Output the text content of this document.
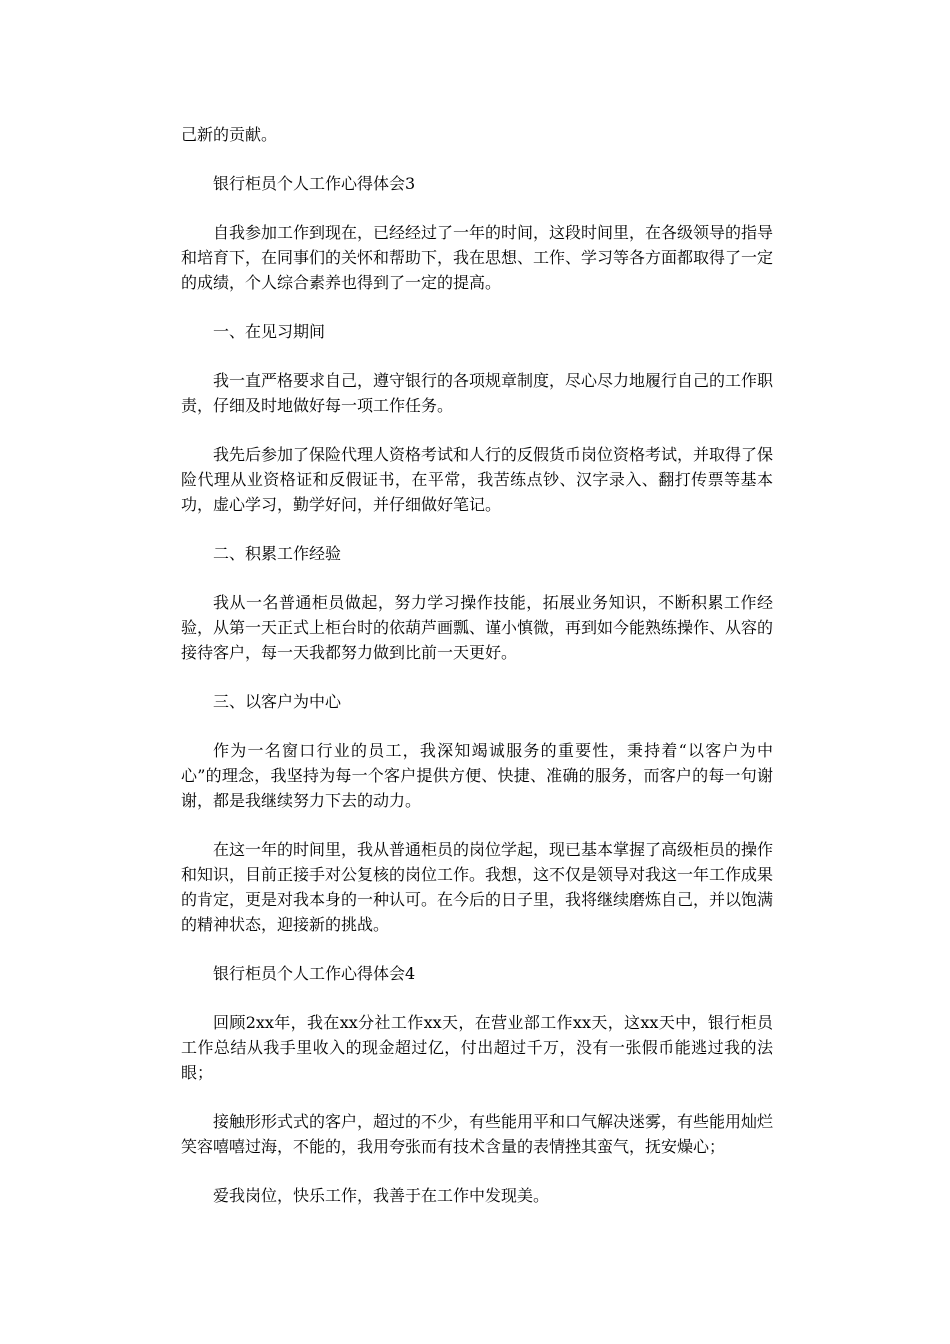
己新的贡献。

银行柜员个人工作心得体会3

自我参加工作到现在，已经经过了一年的时间，这段时间里，在各级领导的指导和培育下，在同事们的关怀和帮助下，我在思想、工作、学习等各方面都取得了一定的成绩，个人综合素养也得到了一定的提高。

一、在见习期间

我一直严格要求自己，遵守银行的各项规章制度，尽心尽力地履行自己的工作职责，仔细及时地做好每一项工作任务。

我先后参加了保险代理人资格考试和人行的反假货币岗位资格考试，并取得了保险代理从业资格证和反假证书，在平常，我苦练点钞、汉字录入、翻打传票等基本功，虚心学习，勤学好问，并仔细做好笔记。

二、积累工作经验

我从一名普通柜员做起，努力学习操作技能，拓展业务知识，不断积累工作经验，从第一天正式上柜台时的依葫芦画瓢、谨小慎微，再到如今能熟练操作、从容的接待客户，每一天我都努力做到比前一天更好。

三、以客户为中心

作为一名窗口行业的员工，我深知竭诚服务的重要性，秉持着“以客户为中心”的理念，我坚持为每一个客户提供方便、快捷、准确的服务，而客户的每一句谢谢，都是我继续努力下去的动力。

在这一年的时间里，我从普通柜员的岗位学起，现已基本掌握了高级柜员的操作和知识，目前正接手对公复核的岗位工作。我想，这不仅是领导对我这一年工作成果的肯定，更是对我本身的一种认可。在今后的日子里，我将继续磨炼自己，并以饱满的精神状态，迎接新的挑战。

银行柜员个人工作心得体会4

回顾2xx年，我在xx分社工作xx天，在营业部工作xx天，这xx天中，银行柜员工作总结从我手里收入的现金超过亿，付出超过千万，没有一张假币能逃过我的法眼；

接触形形式式的客户，超过的不少，有些能用平和口气解决迷雾，有些能用灿烂笑容嘻嘻过海，不能的，我用夸张而有技术含量的表情挫其蛮气，抚安燥心；

爱我岗位，快乐工作，我善于在工作中发现美。
